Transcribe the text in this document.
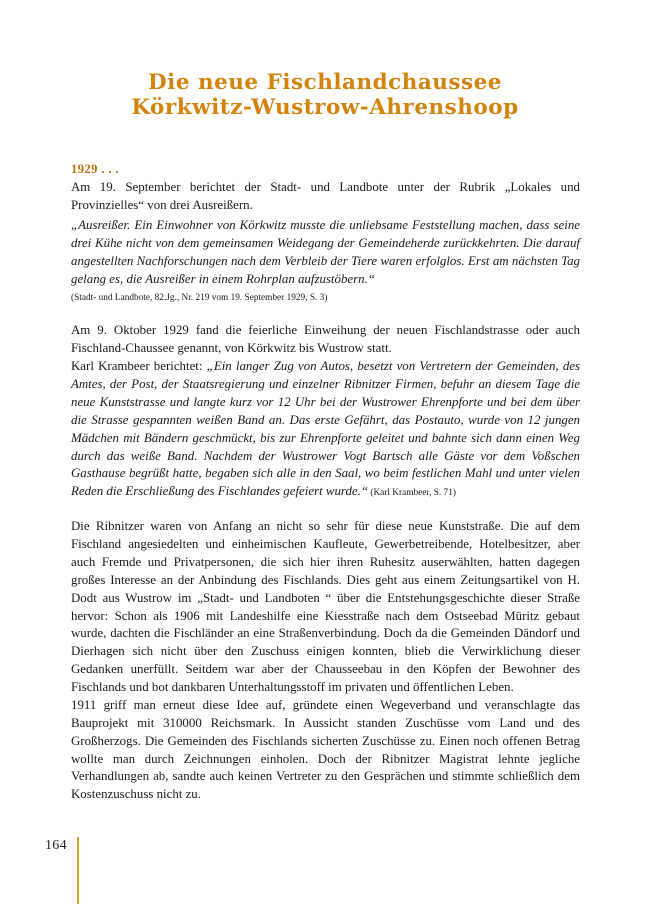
Die neue Fischlandchaussee
Körkwitz-Wustrow-Ahrenshoop
1929 . . .

Am 19. September berichtet der Stadt- und Landbote unter der Rubrik „Lokales und Provinzielles“ von drei Ausreißern.

„Ausreißer. Ein Einwohner von Körkwitz musste die unliebsame Feststellung machen, dass seine drei Kühe nicht von dem gemeinsamen Weidegang der Gemeindeherde zurückkehrten. Die darauf angestellten Nachforschungen nach dem Verbleib der Tiere waren erfolglos. Erst am nächsten Tag gelang es, die Ausreißer in einem Rohrplan aufzustöbern.“

(Stadt- und Landbote, 82.Jg., Nr. 219 vom 19. September 1929, S. 3)

Am 9. Oktober 1929 fand die feierliche Einweihung der neuen Fischlandstrasse oder auch Fischland-Chaussee genannt, von Körkwitz bis Wustrow statt.

Karl Krambeer berichtet: „Ein langer Zug von Autos, besetzt von Vertretern der Gemeinden, des Amtes, der Post, der Staatsregierung und einzelner Ribnitzer Firmen, befuhr an diesem Tage die neue Kunststrasse und langte kurz vor 12 Uhr bei der Wustrower Ehrenpforte und bei dem über die Strasse gespannten weißen Band an. Das erste Gefährt, das Postauto, wurde von 12 jungen Mädchen mit Bändern geschmückt, bis zur Ehrenpforte geleitet und bahnte sich dann einen Weg durch das weiße Band. Nachdem der Wustrower Vogt Bartsch alle Gäste vor dem Voßschen Gasthause begrüßt hatte, begaben sich alle in den Saal, wo beim festlichen Mahl und unter vielen Reden die Erschließung des Fischlandes gefeiert wurde.“ (Karl Krambeer, S. 71)

Die Ribnitzer waren von Anfang an nicht so sehr für diese neue Kunststraße. Die auf dem Fischland angesiedelten und einheimischen Kaufleute, Gewerbetreibende, Hotelbesitzer, aber auch Fremde und Privatpersonen, die sich hier ihren Ruhesitz auserwählten, hatten dagegen großes Interesse an der Anbindung des Fischlands. Dies geht aus einem Zeitungsartikel von H. Dodt aus Wustrow im „Stadt- und Landboten “ über die Entstehungsgeschichte dieser Straße hervor: Schon als 1906 mit Landeshilfe eine Kiesstraße nach dem Ostseebad Müritz gebaut wurde, dachten die Fischländer an eine Straßenverbindung. Doch da die Gemeinden Dändorf und Dierhagen sich nicht über den Zuschuss einigen konnten, blieb die Verwirklichung dieser Gedanken unerfüllt. Seitdem war aber der Chausseebau in den Köpfen der Bewohner des Fischlands und bot dankbaren Unterhaltungsstoff im privaten und öffentlichen Leben.

1911 griff man erneut diese Idee auf, gründete einen Wegeverband und veranschlagte das Bauprojekt mit 310000 Reichsmark. In Aussicht standen Zuschüsse vom Land und des Großherzogs. Die Gemeinden des Fischlands sicherten Zuschüsse zu. Einen noch offenen Betrag wollte man durch Zeichnungen einholen. Doch der Ribnitzer Magistrat lehnte jegliche Verhandlungen ab, sandte auch keinen Vertreter zu den Gesprächen und stimmte schließlich dem Kostenzuschuss nicht zu.

164
